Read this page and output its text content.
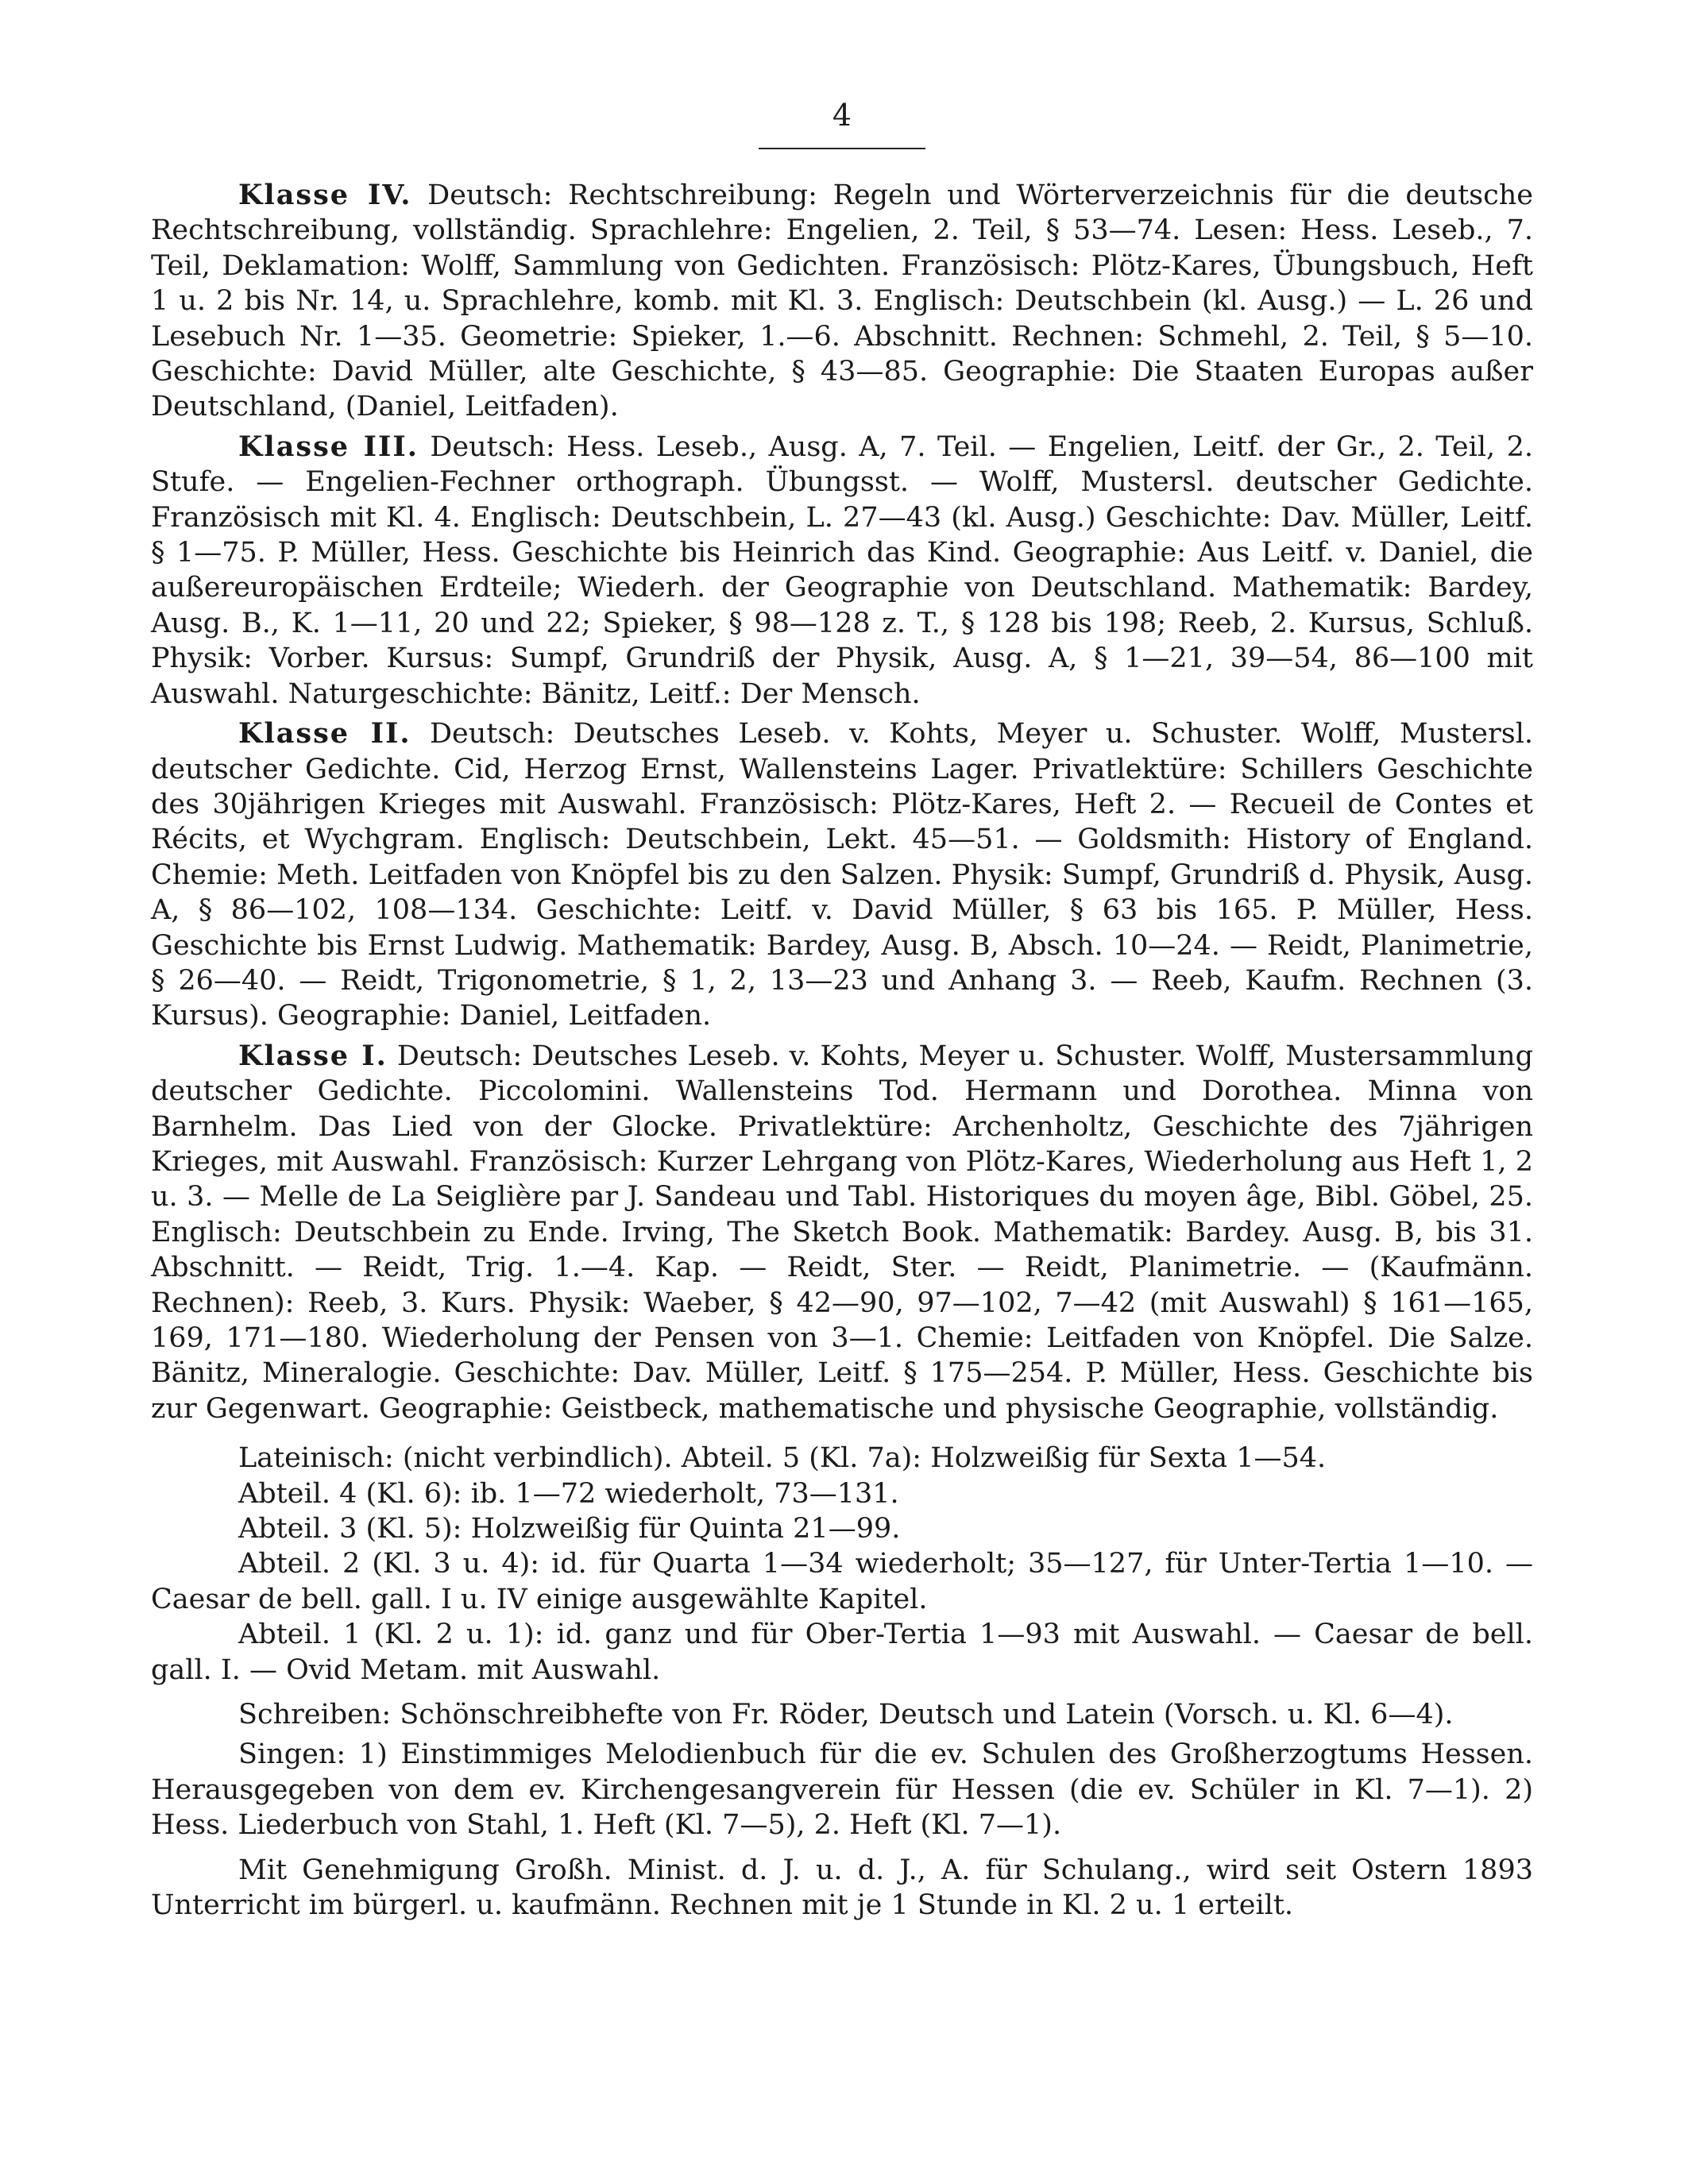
4

Klasse IV. Deutsch: Rechtschreibung: Regeln und Wörterverzeichnis für die deutsche Rechtschreibung, vollständig. Sprachlehre: Engelien, 2. Teil, § 53—74. Lesen: Hess. Leseb., 7. Teil, Deklamation: Wolff, Sammlung von Gedichten. Französisch: Plötz-Kares, Übungsbuch, Heft 1 u. 2 bis Nr. 14, u. Sprachlehre, komb. mit Kl. 3. Englisch: Deutschbein (kl. Ausg.) — L. 26 und Lesebuch Nr. 1—35. Geometrie: Spieker, 1.—6. Abschnitt. Rechnen: Schmehl, 2. Teil, § 5—10. Geschichte: David Müller, alte Geschichte, § 43—85. Geographie: Die Staaten Europas außer Deutschland, (Daniel, Leitfaden).

Klasse III. Deutsch: Hess. Leseb., Ausg. A, 7. Teil. — Engelien, Leitf. der Gr., 2. Teil, 2. Stufe. — Engelien-Fechner orthograph. Übungsst. — Wolff, Mustersl. deutscher Gedichte. Französisch mit Kl. 4. Englisch: Deutschbein, L. 27—43 (kl. Ausg.) Geschichte: Dav. Müller, Leitf. § 1—75. P. Müller, Hess. Geschichte bis Heinrich das Kind. Geographie: Aus Leitf. v. Daniel, die außereuropäischen Erdteile; Wiederh. der Geographie von Deutschland. Mathematik: Bardey, Ausg. B., K. 1—11, 20 und 22; Spieker, § 98—128 z. T., § 128 bis 198; Reeb, 2. Kursus, Schluß. Physik: Vorber. Kursus: Sumpf, Grundriß der Physik, Ausg. A, § 1—21, 39—54, 86—100 mit Auswahl. Naturgeschichte: Bänitz, Leitf.: Der Mensch.

Klasse II. Deutsch: Deutsches Leseb. v. Kohts, Meyer u. Schuster. Wolff, Mustersl. deutscher Gedichte. Cid, Herzog Ernst, Wallensteins Lager. Privatlektüre: Schillers Geschichte des 30jährigen Krieges mit Auswahl. Französisch: Plötz-Kares, Heft 2. — Recueil de Contes et Récits, et Wychgram. Englisch: Deutschbein, Lekt. 45—51. — Goldsmith: History of England. Chemie: Meth. Leitfaden von Knöpfel bis zu den Salzen. Physik: Sumpf, Grundriß d. Physik, Ausg. A, § 86—102, 108—134. Geschichte: Leitf. v. David Müller, § 63 bis 165. P. Müller, Hess. Geschichte bis Ernst Ludwig. Mathematik: Bardey, Ausg. B, Absch. 10—24. — Reidt, Planimetrie, § 26—40. — Reidt, Trigonometrie, § 1, 2, 13—23 und Anhang 3. — Reeb, Kaufm. Rechnen (3. Kursus). Geographie: Daniel, Leitfaden.

Klasse I. Deutsch: Deutsches Leseb. v. Kohts, Meyer u. Schuster. Wolff, Mustersammlung deutscher Gedichte. Piccolomini. Wallensteins Tod. Hermann und Dorothea. Minna von Barnhelm. Das Lied von der Glocke. Privatlektüre: Archenholtz, Geschichte des 7jährigen Krieges, mit Auswahl. Französisch: Kurzer Lehrgang von Plötz-Kares, Wiederholung aus Heft 1, 2 u. 3. — Melle de La Seiglière par J. Sandeau und Tabl. Historiques du moyen âge, Bibl. Göbel, 25. Englisch: Deutschbein zu Ende. Irving, The Sketch Book. Mathematik: Bardey. Ausg. B, bis 31. Abschnitt. — Reidt, Trig. 1.—4. Kap. — Reidt, Ster. — Reidt, Planimetrie. — (Kaufmänn. Rechnen): Reeb, 3. Kurs. Physik: Waeber, § 42—90, 97—102, 7—42 (mit Auswahl) § 161—165, 169, 171—180. Wiederholung der Pensen von 3—1. Chemie: Leitfaden von Knöpfel. Die Salze. Bänitz, Mineralogie. Geschichte: Dav. Müller, Leitf. § 175—254. P. Müller, Hess. Geschichte bis zur Gegenwart. Geographie: Geistbeck, mathematische und physische Geographie, vollständig.

Lateinisch: (nicht verbindlich). Abteil. 5 (Kl. 7a): Holzweißig für Sexta 1—54.

Abteil. 4 (Kl. 6): ib. 1—72 wiederholt, 73—131.

Abteil. 3 (Kl. 5): Holzweißig für Quinta 21—99.

Abteil. 2 (Kl. 3 u. 4): id. für Quarta 1—34 wiederholt; 35—127, für Unter-Tertia 1—10. — Caesar de bell. gall. I u. IV einige ausgewählte Kapitel.

Abteil. 1 (Kl. 2 u. 1): id. ganz und für Ober-Tertia 1—93 mit Auswahl. — Caesar de bell. gall. I. — Ovid Metam. mit Auswahl.

Schreiben: Schönschreibhefte von Fr. Röder, Deutsch und Latein (Vorsch. u. Kl. 6—4).

Singen: 1) Einstimmiges Melodienbuch für die ev. Schulen des Großherzogtums Hessen. Herausgegeben von dem ev. Kirchengesangverein für Hessen (die ev. Schüler in Kl. 7—1). 2) Hess. Liederbuch von Stahl, 1. Heft (Kl. 7—5), 2. Heft (Kl. 7—1).

Mit Genehmigung Großh. Minist. d. J. u. d. J., A. für Schulang., wird seit Ostern 1893 Unterricht im bürgerl. u. kaufmänn. Rechnen mit je 1 Stunde in Kl. 2 u. 1 erteilt.
